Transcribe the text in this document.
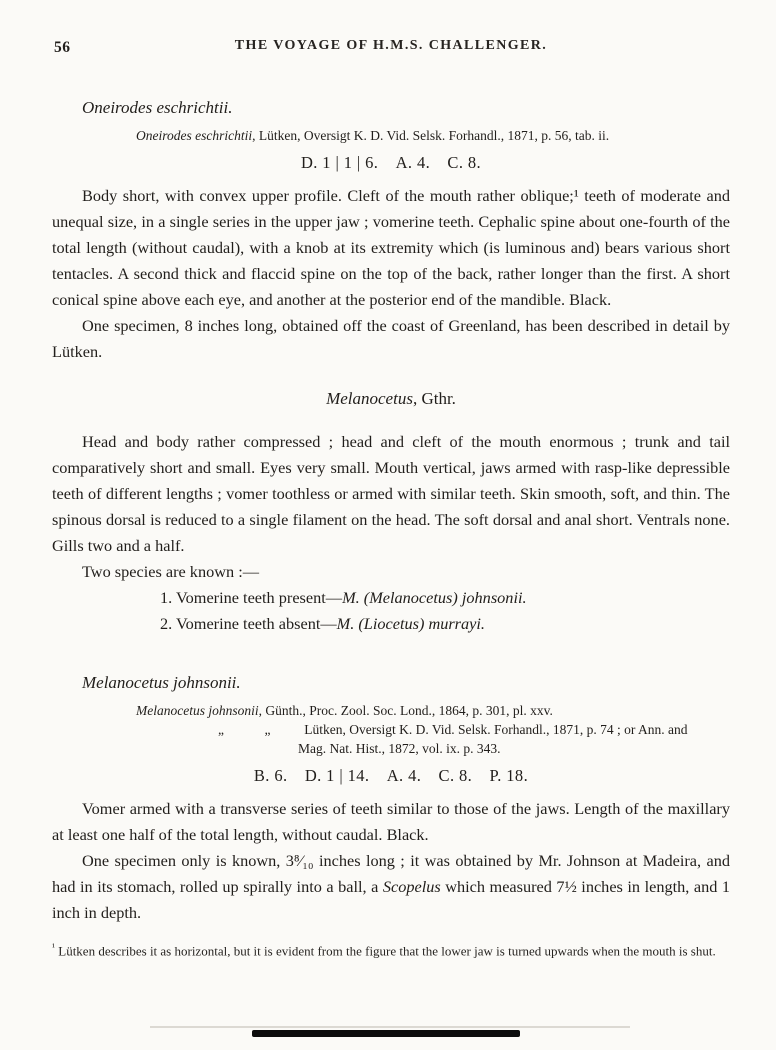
56	THE VOYAGE OF H.M.S. CHALLENGER.

Oneirodes eschrichtii.

Oneirodes eschrichtii, Lütken, Oversigt K. D. Vid. Selsk. Forhandl., 1871, p. 56, tab. ii.

D. 1 | 1 | 6.  A. 4.  C. 8.

Body short, with convex upper profile. Cleft of the mouth rather oblique;¹ teeth of moderate and unequal size, in a single series in the upper jaw ; vomerine teeth. Cephalic spine about one-fourth of the total length (without caudal), with a knob at its extremity which (is luminous and) bears various short tentacles. A second thick and flaccid spine on the top of the back, rather longer than the first. A short conical spine above each eye, and another at the posterior end of the mandible. Black.

One specimen, 8 inches long, obtained off the coast of Greenland, has been described in detail by Lütken.

Melanocetus, Gthr.

Head and body rather compressed ; head and cleft of the mouth enormous ; trunk and tail comparatively short and small. Eyes very small. Mouth vertical, jaws armed with rasp-like depressible teeth of different lengths ; vomer toothless or armed with similar teeth. Skin smooth, soft, and thin. The spinous dorsal is reduced to a single filament on the head. The soft dorsal and anal short. Ventrals none. Gills two and a half.

Two species are known :—

1. Vomerine teeth present—M. (Melanocetus) johnsonii.

2. Vomerine teeth absent—M. (Liocetus) murrayi.

Melanocetus johnsonii.

Melanocetus johnsonii, Günth., Proc. Zool. Soc. Lond., 1864, p. 301, pl. xxv.

„   „   Lütken, Oversigt K. D. Vid. Selsk. Forhandl., 1871, p. 74 ; or Ann. and

Mag. Nat. Hist., 1872, vol. ix. p. 343.

B. 6.  D. 1 | 14.  A. 4.  C. 8.  P. 18.

Vomer armed with a transverse series of teeth similar to those of the jaws. Length of the maxillary at least one half of the total length, without caudal. Black.

One specimen only is known, 3⁸⁄₁₀ inches long ; it was obtained by Mr. Johnson at Madeira, and had in its stomach, rolled up spirally into a ball, a Scopelus which measured 7½ inches in length, and 1 inch in depth.

$^{^1}$ Lütken describes it as horizontal, but it is evident from the figure that the lower jaw is turned upwards when the mouth is shut.
